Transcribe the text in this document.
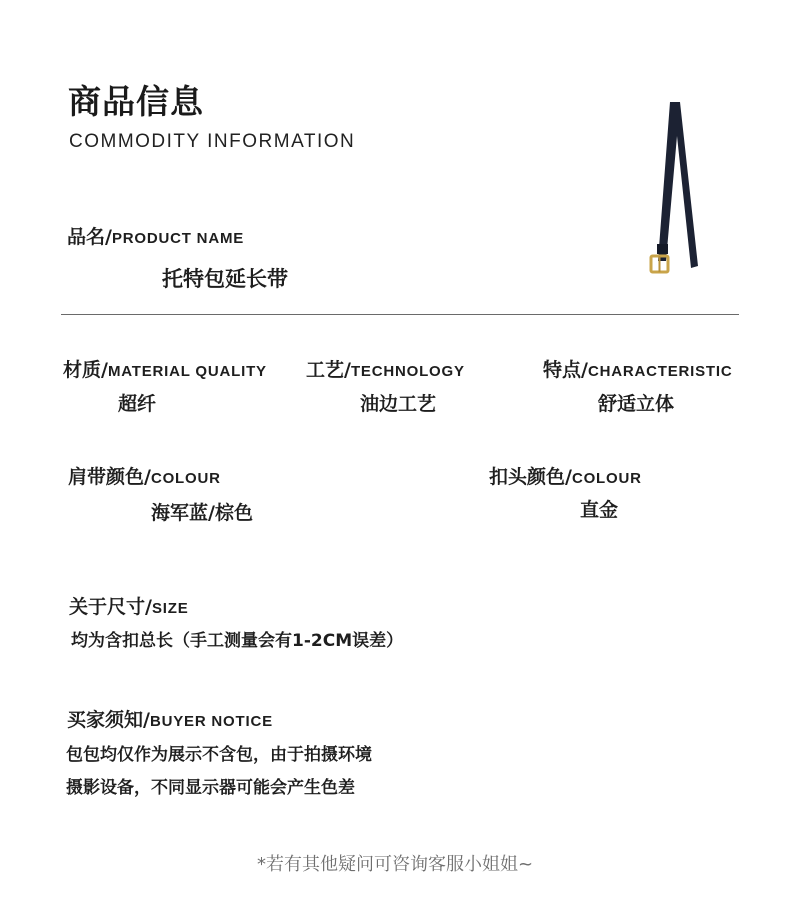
商品信息
COMMODITY INFORMATION
品名/PRODUCT NAME
托特包延长带
材质/MATERIAL QUALITY
超纤
工艺/TECHNOLOGY
油边工艺
特点/CHARACTERISTIC
舒适立体
肩带颜色/COLOUR
海军蓝/棕色
扣头颜色/COLOUR
直金
关于尺寸/SIZE
均为含扣总长（手工测量会有1-2CM误差）
买家须知/BUYER NOTICE
包包均仅作为展示不含包，由于拍摄环境
摄影设备，不同显示器可能会产生色差
*若有其他疑问可咨询客服小姐姐~
